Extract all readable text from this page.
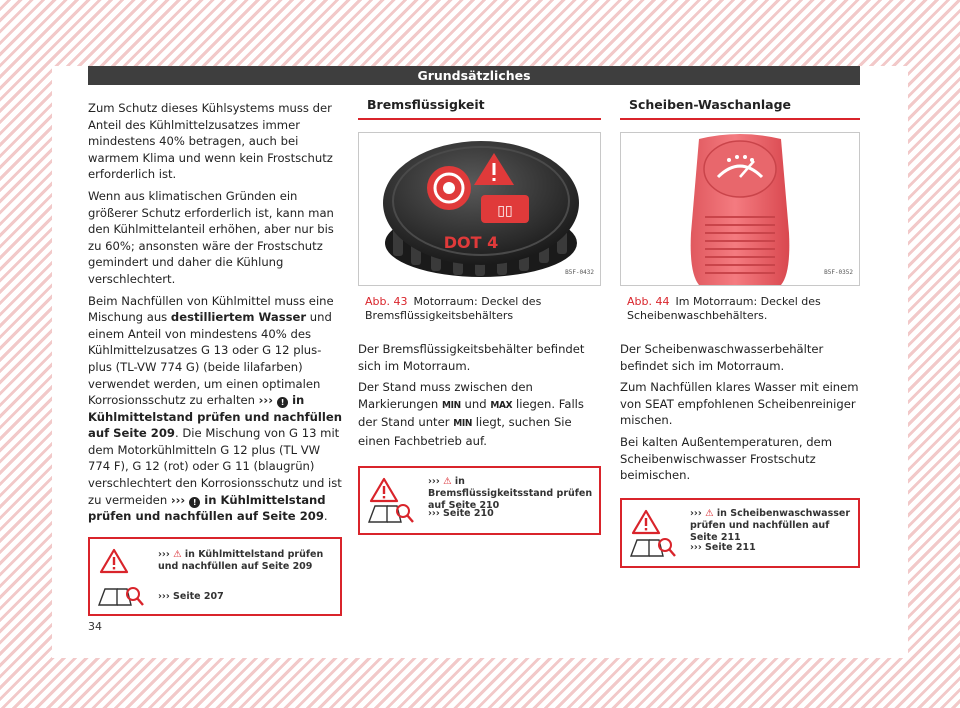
Grundsätzliches

Zum Schutz dieses Kühlsystems muss der Anteil des Kühlmittelzusatzes immer mindestens 40% betragen, auch bei warmem Klima und wenn kein Frostschutz erforderlich ist.

Wenn aus klimatischen Gründen ein größerer Schutz erforderlich ist, kann man den Kühlmittelanteil erhöhen, aber nur bis zu 60%; ansonsten wäre der Frostschutz gemindert und daher die Kühlung verschlechtert.

Beim Nachfüllen von Kühlmittel muss eine Mischung aus destilliertem Wasser und einem Anteil von mindestens 40% des Kühlmittelzusatzes G 13 oder G 12 plus-plus (TL-VW 774 G) (beide lilafarben) verwendet werden, um einen optimalen Korrosionsschutz zu erhalten ››› ! in Kühlmittelstand prüfen und nachfüllen auf Seite 209. Die Mischung von G 13 mit dem Motorkühlmitteln G 12 plus (TL VW 774 F), G 12 (rot) oder G 11 (blaugrün) verschlechtert den Korrosionsschutz und ist zu vermeiden ››› ! in Kühlmittelstand prüfen und nachfüllen auf Seite 209.

››› ⚠ in Kühlmittelstand prüfen und nachfüllen auf Seite 209
››› Seite 207
Bremsflüssigkeit
▯▯
DOT 4
B5F-0432
Abb. 43 Motorraum: Deckel des Bremsflüssigkeitsbehälters

Der Bremsflüssigkeitsbehälter befindet sich im Motorraum.

Der Stand muss zwischen den Markierungen MIN und MAX liegen. Falls der Stand unter MIN liegt, suchen Sie einen Fachbetrieb auf.

››› ⚠ in Bremsflüssigkeitsstand prüfen auf Seite 210
››› Seite 210
Scheiben-Waschanlage
B5F-0352
Abb. 44 Im Motorraum: Deckel des Scheibenwaschbehälters.

Der Scheibenwaschwasserbehälter befindet sich im Motorraum.

Zum Nachfüllen klares Wasser mit einem von SEAT empfohlenen Scheibenreiniger mischen.

Bei kalten Außentemperaturen, dem Scheibenwischwasser Frostschutz beimischen.

››› ⚠ in Scheibenwaschwasser prüfen und nachfüllen auf Seite 211
››› Seite 211
34
